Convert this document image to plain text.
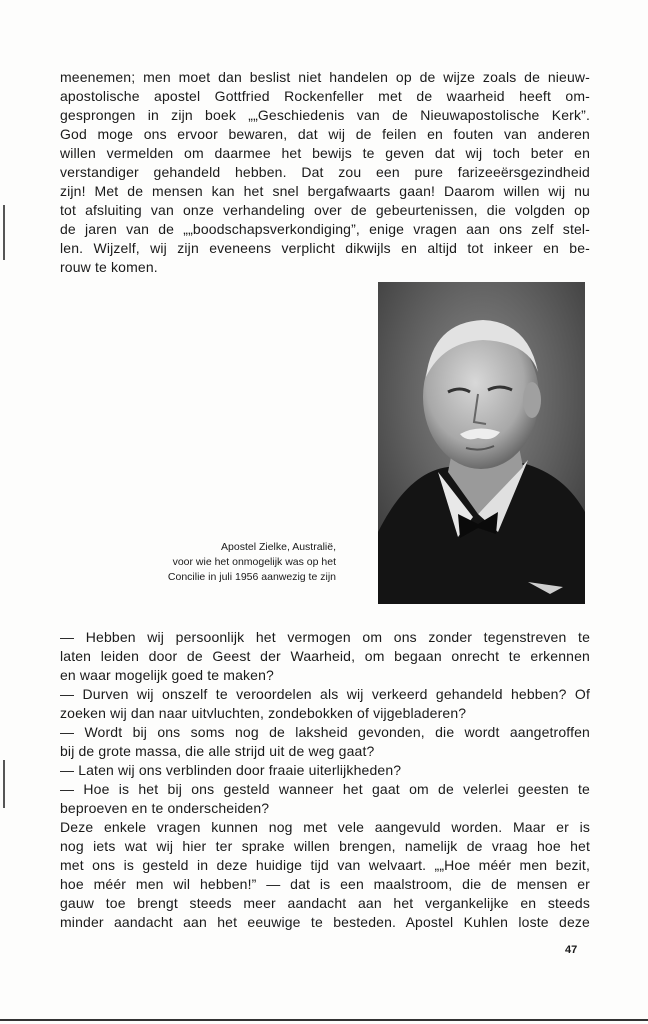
meenemen; men moet dan beslist niet handelen op de wijze zoals de nieuw-
apostolische apostel Gottfried Rockenfeller met de waarheid heeft om-
gesprongen in zijn boek „„Geschiedenis van de Nieuwapostolische Kerk”.
God moge ons ervoor bewaren, dat wij de feilen en fouten van anderen
willen vermelden om daarmee het bewijs te geven dat wij toch beter en
verstandiger gehandeld hebben. Dat zou een pure farizeeërsgezindheid
zijn! Met de mensen kan het snel bergafwaarts gaan! Daarom willen wij nu
tot afsluiting van onze verhandeling over de gebeurtenissen, die volgden op
de jaren van de „„boodschapsverkondiging”, enige vragen aan ons zelf stel-
len. Wijzelf, wij zijn eveneens verplicht dikwijls en altijd tot inkeer en be-
rouw te komen.

Apostel Zielke, Australië,
voor wie het onmogelijk was op het
Concilie in juli 1956 aanwezig te zijn

— Hebben wij persoonlijk het vermogen om ons zonder tegenstreven te
laten leiden door de Geest der Waarheid, om begaan onrecht te erkennen
en waar mogelijk goed te maken?
— Durven wij onszelf te veroordelen als wij verkeerd gehandeld hebben? Of
zoeken wij dan naar uitvluchten, zondebokken of vijgebladeren?
— Wordt bij ons soms nog de laksheid gevonden, die wordt aangetroffen
bij de grote massa, die alle strijd uit de weg gaat?
— Laten wij ons verblinden door fraaie uiterlijkheden?
— Hoe is het bij ons gesteld wanneer het gaat om de velerlei geesten te
beproeven en te onderscheiden?
Deze enkele vragen kunnen nog met vele aangevuld worden. Maar er is
nog iets wat wij hier ter sprake willen brengen, namelijk de vraag hoe het
met ons is gesteld in deze huidige tijd van welvaart. „„Hoe méér men bezit,
hoe méér men wil hebben!” — dat is een maalstroom, die de mensen er
gauw toe brengt steeds meer aandacht aan het vergankelijke en steeds
minder aandacht aan het eeuwige te besteden. Apostel Kuhlen loste deze

47
